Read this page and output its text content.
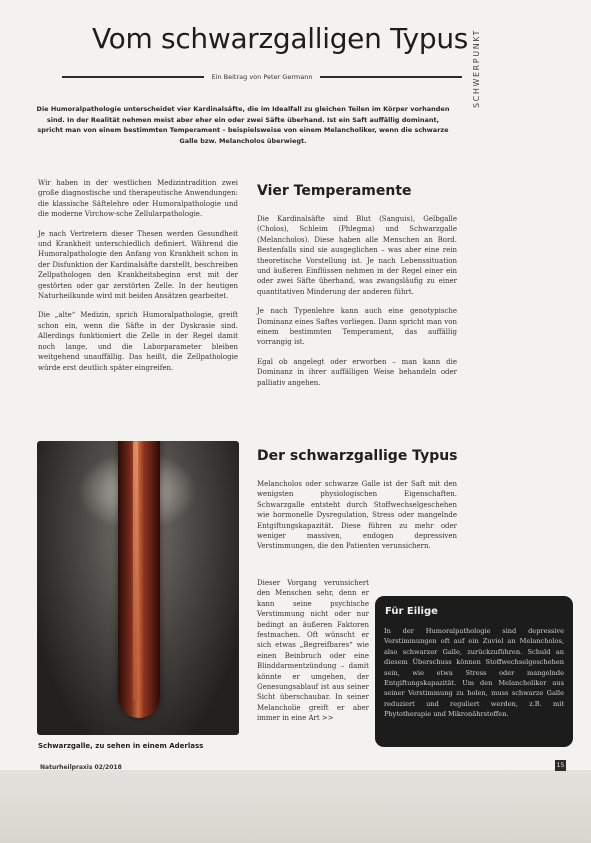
Vom schwarzgalligen Typus SCHWERPUNKT
Ein Beitrag von Peter Germann

Die Humoralpathologie unterscheidet vier Kardinalsäfte, die im Idealfall zu gleichen Teilen im Körper vorhanden sind. In der Realität nehmen meist aber eher ein oder zwei Säfte überhand. Ist ein Saft auffällig dominant, spricht man von einem bestimmten Temperament – beispielsweise von einem Melancholiker, wenn die schwarze Galle bzw. Melancholos überwiegt.

Wir haben in der westlichen Medizintradition zwei große diagnostische und therapeutische Anwendungen: die klassische Säftelehre oder Humoralpathologie und die moderne Virchow-sche Zellularpathologie.

Je nach Vertretern dieser Thesen werden Gesundheit und Krankheit unterschiedlich definiert. Während die Humoralpathologie den Anfang von Krankheit schon in der Disfunktion der Kardinalsäfte darstellt, beschreiben Zellpathologen den Krankheitsbeginn erst mit der gestörten oder gar zerstörten Zelle. In der heutigen Naturheilkunde wird mit beiden Ansätzen gearbeitet.

Die „alte“ Medizin, sprich Humoralpathologie, greift schon ein, wenn die Säfte in der Dyskrasie sind. Allerdings funktioniert die Zelle in der Regel damit noch lange, und die Laborparameter bleiben weitgehend unauffällig. Das heißt, die Zellpathologie würde erst deutlich später eingreifen.

Schwarzgalle, zu sehen in einem Aderlass

Vier Temperamente

Die Kardinalsäfte sind Blut (Sanguis), Gelbgalle (Cholos), Schleim (Phlegma) und Schwarzgalle (Melancholos). Diese haben alle Menschen an Bord. Bestenfalls sind sie ausgeglichen – was aber eine rein theoretische Vorstellung ist. Je nach Lebenssituation und äußeren Einflüssen nehmen in der Regel einer ein oder zwei Säfte überhand, was zwangsläufig zu einer quantitativen Minderung der anderen führt.

Je nach Typenlehre kann auch eine genotypische Dominanz eines Saftes vorliegen. Dann spricht man von einem bestimmten Temperament, das auffällig vorrangig ist.

Egal ob angelegt oder erworben – man kann die Dominanz in ihrer auffälligen Weise behandeln oder palliativ angehen.

Der schwarzgallige Typus

Melancholos oder schwarze Galle ist der Saft mit den wenigsten physiologischen Eigenschaften. Schwarzgalle entsteht durch Stoffwechselgeschehen wie hormonelle Dysregulation, Stress oder mangelnde Entgiftungskapazität. Diese führen zu mehr oder weniger massiven, endogen depressiven Verstimmungen, die den Patienten verunsichern.

Dieser Vorgang verunsichert den Menschen sehr, denn er kann seine psychische Verstimmung nicht oder nur bedingt an äußeren Faktoren festmachen. Oft wünscht er sich etwas „Begreifbares“ wie einen Beinbruch oder eine Blinddarmentzündung – damit könnte er umgehen, der Genesungsablauf ist aus seiner Sicht überschaubar. In seiner Melancholie greift er aber immer in eine Art >>

Für Eilige

In der Humoralpathologie sind depressive Verstimmungen oft auf ein Zuviel an Melancholos, also schwarzer Galle, zurückzuführen. Schuld an diesem Überschuss können Stoffwechselgeschehen sein, wie etwa Stress oder mangelnde Entgiftungskapazität. Um den Melancholiker aus seiner Verstimmung zu holen, muss schwarze Galle reduziert und reguliert werden, z.B. mit Phytotherapie und Mikronährstoffen.

Naturheilpraxis 02/2018	15
